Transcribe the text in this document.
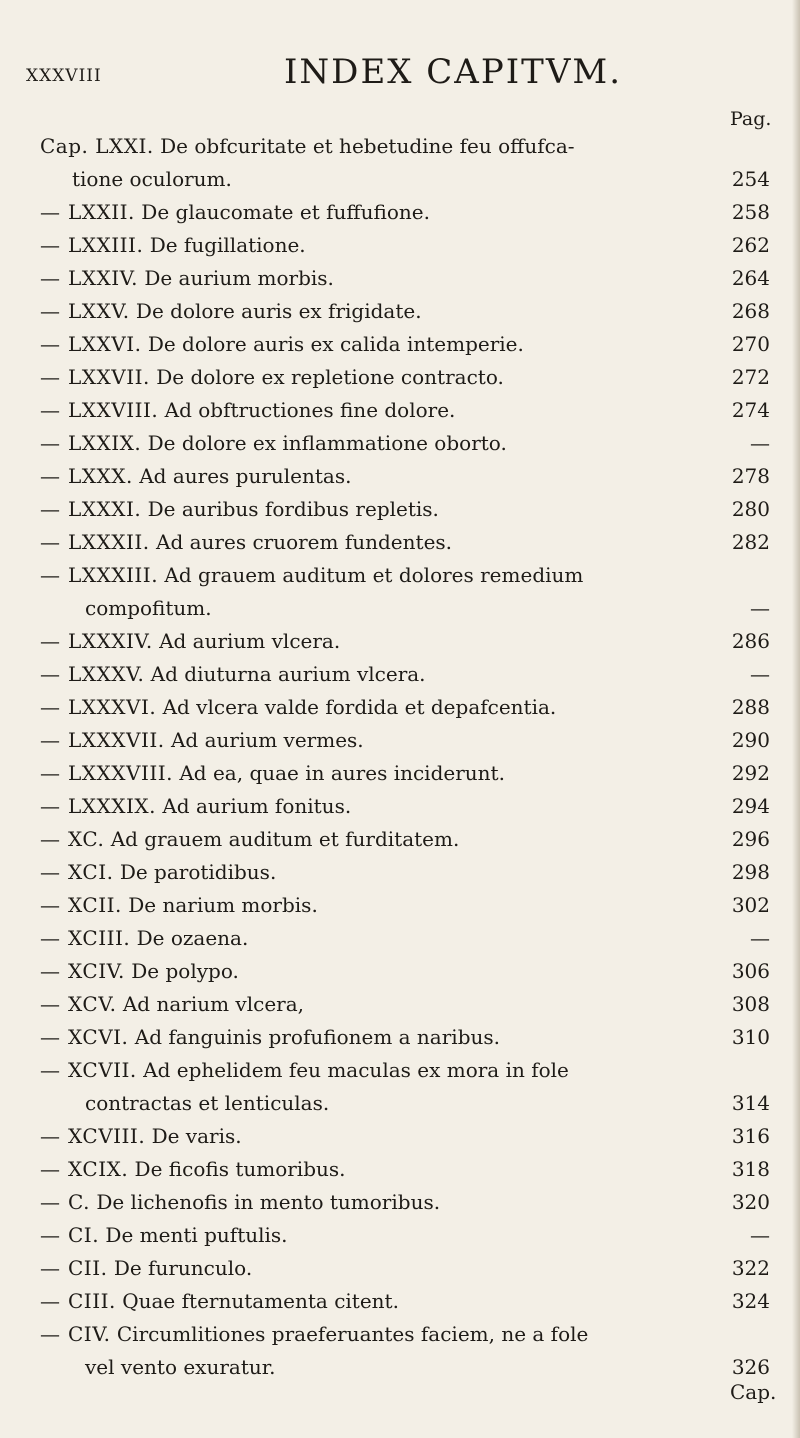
XXXVIII	INDEX CAPITVM.
Pag.
Cap. LXXI. De obfcuritate et hebetudine feu offufca-
tione oculorum.	254
— LXXII. De glaucomate et fuffufione.	258
— LXXIII. De fugillatione.	262
— LXXIV. De aurium morbis.	264
— LXXV. De dolore auris ex frigidate.	268
— LXXVI. De dolore auris ex calida intemperie.	270
— LXXVII. De dolore ex repletione contracto.	272
— LXXVIII. Ad obftructiones fine dolore.	274
— LXXIX. De dolore ex inflammatione oborto.	—
— LXXX. Ad aures purulentas.	278
— LXXXI. De auribus fordibus repletis.	280
— LXXXII. Ad aures cruorem fundentes.	282
— LXXXIII. Ad grauem auditum et dolores remedium
compofitum.	—
— LXXXIV. Ad aurium vlcera.	286
— LXXXV. Ad diuturna aurium vlcera.	—
— LXXXVI. Ad vlcera valde fordida et depafcentia.	288
— LXXXVII. Ad aurium vermes.	290
— LXXXVIII. Ad ea, quae in aures inciderunt.	292
— LXXXIX. Ad aurium fonitus.	294
— XC. Ad grauem auditum et furditatem.	296
— XCI. De parotidibus.	298
— XCII. De narium morbis.	302
— XCIII. De ozaena.	—
— XCIV. De polypo.	306
— XCV. Ad narium vlcera,	308
— XCVI. Ad fanguinis profufionem a naribus.	310
— XCVII. Ad ephelidem feu maculas ex mora in fole
contractas et lenticulas.	314
— XCVIII. De varis.	316
— XCIX. De ficofis tumoribus.	318
— C. De lichenofis in mento tumoribus.	320
— CI. De menti puftulis.	—
— CII. De furunculo.	322
— CIII. Quae fternutamenta citent.	324
— CIV. Circumlitiones praeferuantes faciem, ne a fole
vel vento exuratur.	326
Cap.
